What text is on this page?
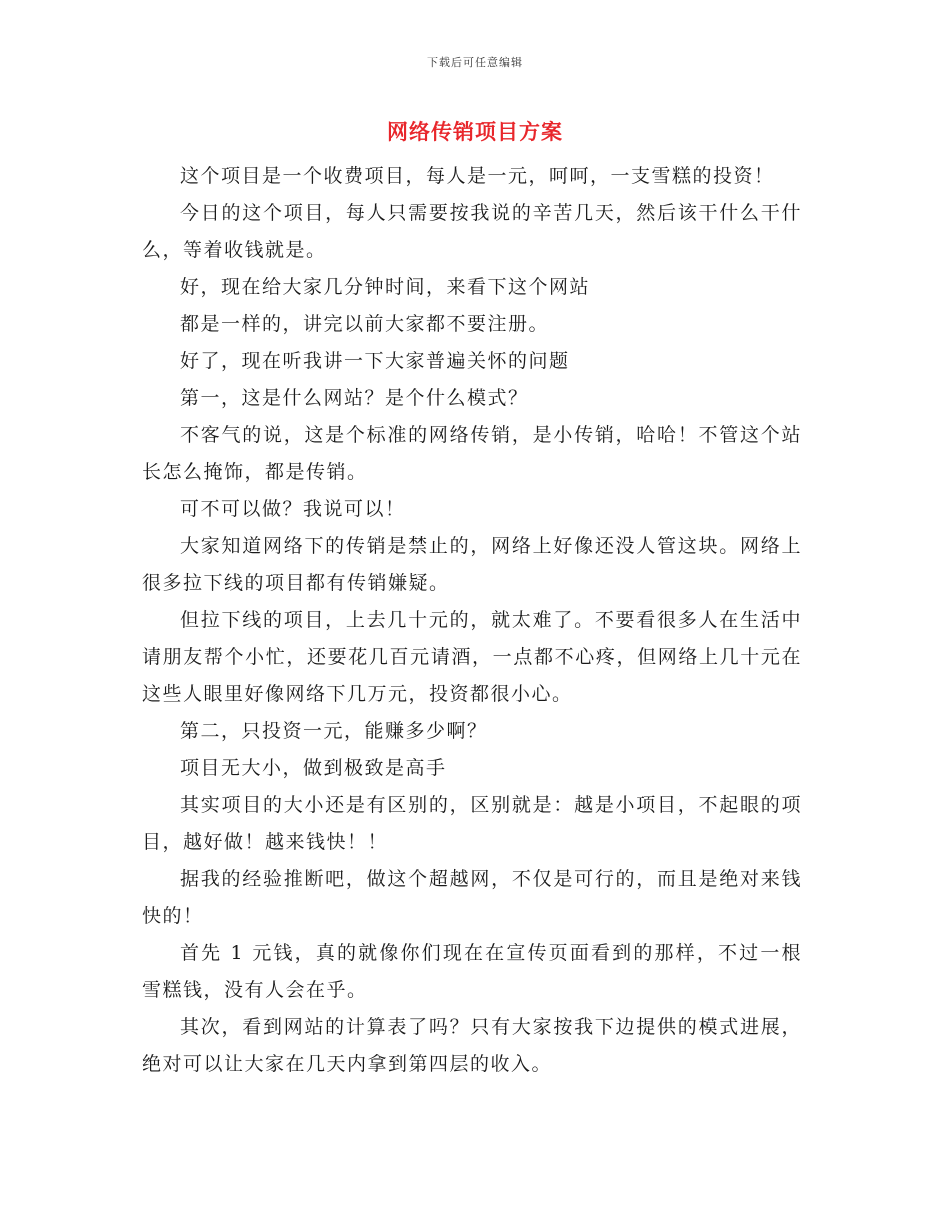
下载后可任意编辑
网络传销项目方案

这个项目是一个收费项目，每人是一元，呵呵，一支雪糕的投资！

今日的这个项目，每人只需要按我说的辛苦几天，然后该干什么干什么，等着收钱就是。

好，现在给大家几分钟时间，来看下这个网站

都是一样的，讲完以前大家都不要注册。

好了，现在听我讲一下大家普遍关怀的问题

第一，这是什么网站？是个什么模式？

不客气的说，这是个标准的网络传销，是小传销，哈哈！不管这个站长怎么掩饰，都是传销。

可不可以做？我说可以！

大家知道网络下的传销是禁止的，网络上好像还没人管这块。网络上很多拉下线的项目都有传销嫌疑。

但拉下线的项目，上去几十元的，就太难了。不要看很多人在生活中请朋友帮个小忙，还要花几百元请酒，一点都不心疼，但网络上几十元在这些人眼里好像网络下几万元，投资都很小心。

第二，只投资一元，能赚多少啊？

项目无大小，做到极致是高手

其实项目的大小还是有区别的，区别就是：越是小项目，不起眼的项目，越好做！越来钱快！！

据我的经验推断吧，做这个超越网，不仅是可行的，而且是绝对来钱快的！

首先 1 元钱，真的就像你们现在在宣传页面看到的那样，不过一根雪糕钱，没有人会在乎。

其次，看到网站的计算表了吗？只有大家按我下边提供的模式进展，绝对可以让大家在几天内拿到第四层的收入。
